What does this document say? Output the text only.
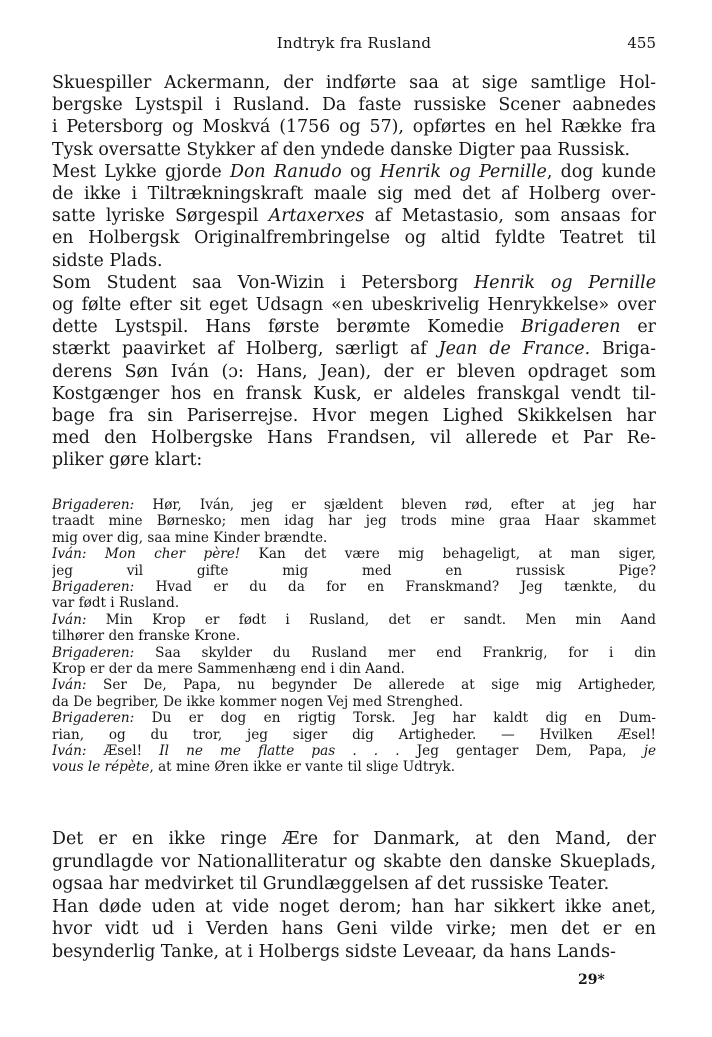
Indtryk fra Rusland	455
Skuespiller Ackermann, der indførte saa at sige samtlige Hol-
bergske Lystspil i Rusland. Da faste russiske Scener aabnedes
i Petersborg og Moskvá (1756 og 57), opførtes en hel Række fra
Tysk oversatte Stykker af den yndede danske Digter paa Russisk.
Mest Lykke gjorde Don Ranudo og Henrik og Pernille, dog kunde
de ikke i Tiltrækningskraft maale sig med det af Holberg over-
satte lyriske Sørgespil Artaxerxes af Metastasio, som ansaas for
en Holbergsk Originalfrembringelse og altid fyldte Teatret til
sidste Plads.
Som Student saa Von-Wizin i Petersborg Henrik og Pernille
og følte efter sit eget Udsagn «en ubeskrivelig Henrykkelse» over
dette Lystspil. Hans første berømte Komedie Brigaderen er
stærkt paavirket af Holberg, særligt af Jean de France. Briga-
derens Søn Iván (ɔ: Hans, Jean), der er bleven opdraget som
Kostgænger hos en fransk Kusk, er aldeles franskgal vendt til-
bage fra sin Pariserrejse. Hvor megen Lighed Skikkelsen har
med den Holbergske Hans Frandsen, vil allerede et Par Re-
pliker gøre klart:
Brigaderen: Hør, Iván, jeg er sjældent bleven rød, efter at jeg har
traadt mine Børnesko; men idag har jeg trods mine graa Haar skammet
mig over dig, saa mine Kinder brændte.
Iván: Mon cher père! Kan det være mig behageligt, at man siger,
jeg vil gifte mig med en russisk Pige?
Brigaderen: Hvad er du da for en Franskmand? Jeg tænkte, du
var født i Rusland.
Iván: Min Krop er født i Rusland, det er sandt. Men min Aand
tilhører den franske Krone.
Brigaderen: Saa skylder du Rusland mer end Frankrig, for i din
Krop er der da mere Sammenhæng end i din Aand.
Iván: Ser De, Papa, nu begynder De allerede at sige mig Artigheder,
da De begriber, De ikke kommer nogen Vej med Strenghed.
Brigaderen: Du er dog en rigtig Torsk. Jeg har kaldt dig en Dum-
rian, og du tror, jeg siger dig Artigheder. — Hvilken Æsel!
Iván: Æsel! Il ne me flatte pas . . . Jeg gentager Dem, Papa, je
vous le répète, at mine Øren ikke er vante til slige Udtryk.
Det er en ikke ringe Ære for Danmark, at den Mand, der
grundlagde vor Nationalliteratur og skabte den danske Skueplads,
ogsaa har medvirket til Grundlæggelsen af det russiske Teater.
Han døde uden at vide noget derom; han har sikkert ikke anet,
hvor vidt ud i Verden hans Geni vilde virke; men det er en
besynderlig Tanke, at i Holbergs sidste Leveaar, da hans Lands-
29*
